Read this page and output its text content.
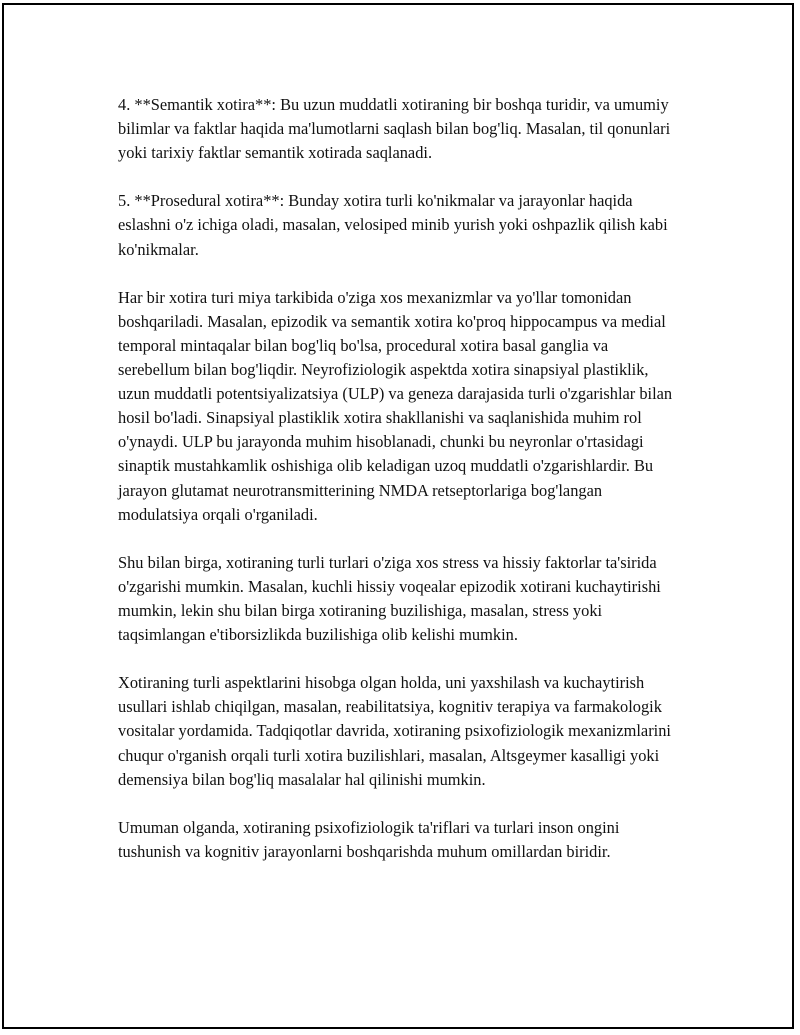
4. **Semantik xotira**: Bu uzun muddatli xotiraning bir boshqa turidir, va umumiy bilimlar va faktlar haqida ma'lumotlarni saqlash bilan bog'liq. Masalan, til qonunlari yoki tarixiy faktlar semantik xotirada saqlanadi.

5. **Prosedural xotira**: Bunday xotira turli ko'nikmalar va jarayonlar haqida eslashni o'z ichiga oladi, masalan, velosiped minib yurish yoki oshpazlik qilish kabi ko'nikmalar.

Har bir xotira turi miya tarkibida o'ziga xos mexanizmlar va yo'llar tomonidan boshqariladi. Masalan, epizodik va semantik xotira ko'proq hippocampus va medial temporal mintaqalar bilan bog'liq bo'lsa, procedural xotira basal ganglia va serebellum bilan bog'liqdir. Neyrofiziologik aspektda xotira sinapsiyal plastiklik, uzun muddatli potentsiyalizatsiya (ULP) va geneza darajasida turli o'zgarishlar bilan hosil bo'ladi. Sinapsiyal plastiklik xotira shakllanishi va saqlanishida muhim rol o'ynaydi. ULP bu jarayonda muhim hisoblanadi, chunki bu neyronlar o'rtasidagi sinaptik mustahkamlik oshishiga olib keladigan uzoq muddatli o'zgarishlardir. Bu jarayon glutamat neurotransmitterining NMDA retseptorlariga bog'langan modulatsiya orqali o'rganiladi.

Shu bilan birga, xotiraning turli turlari o'ziga xos stress va hissiy faktorlar ta'sirida o'zgarishi mumkin. Masalan, kuchli hissiy voqealar epizodik xotirani kuchaytirishi mumkin, lekin shu bilan birga xotiraning buzilishiga, masalan, stress yoki taqsimlangan e'tiborsizlikda buzilishiga olib kelishi mumkin.

Xotiraning turli aspektlarini hisobga olgan holda, uni yaxshilash va kuchaytirish usullari ishlab chiqilgan, masalan, reabilitatsiya, kognitiv terapiya va farmakologik vositalar yordamida. Tadqiqotlar davrida, xotiraning psixofiziologik mexanizmlarini chuqur o'rganish orqali turli xotira buzilishlari, masalan, Altsgeymer kasalligi yoki demensiya bilan bog'liq masalalar hal qilinishi mumkin.

Umuman olganda, xotiraning psixofiziologik ta'riflari va turlari inson ongini tushunish va kognitiv jarayonlarni boshqarishda muhum omillardan biridir.
